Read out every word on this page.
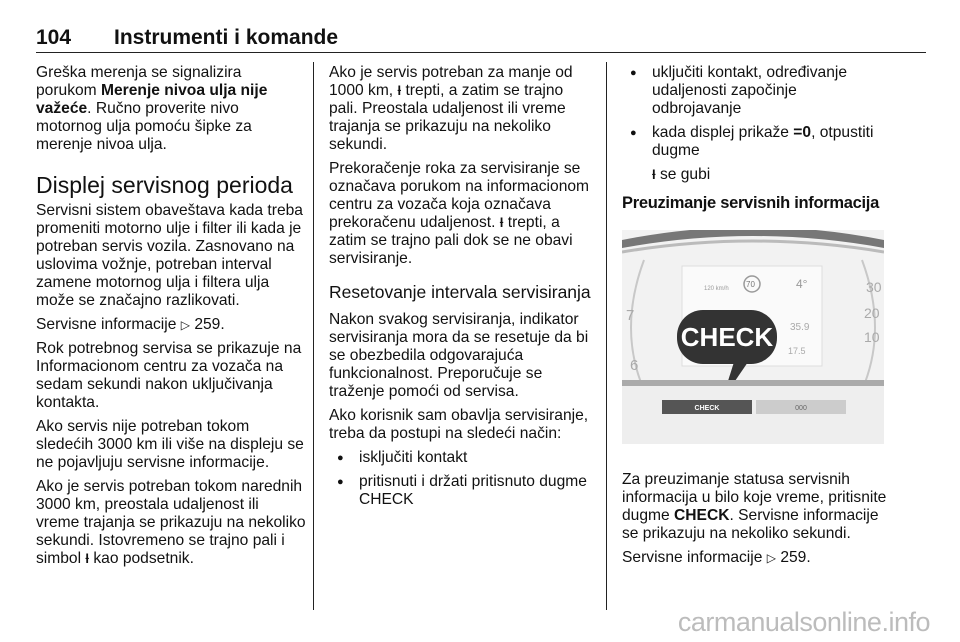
104 Instrumenti i komande

Greška merenja se signalizira porukom Merenje nivoa ulja nije važeće. Ručno proverite nivo motornog ulja pomoću šipke za merenje nivoa ulja.

Displej servisnog perioda

Servisni sistem obaveštava kada treba promeniti motorno ulje i filter ili kada je potreban servis vozila. Zasnovano na uslovima vožnje, potreban interval zamene motornog ulja i filtera ulja može se značajno razlikovati.

Servisne informacije ▷ 259.

Rok potrebnog servisa se prikazuje na Informacionom centru za vozača na sedam sekundi nakon uključivanja kontakta.

Ako servis nije potreban tokom sledećih 3000 km ili više na displeju se ne pojavljuju servisne informacije.

Ako je servis potreban tokom narednih 3000 km, preostala udaljenost ili vreme trajanja se prikazuju na nekoliko sekundi. Istovremeno se trajno pali i simbol ƚ kao podsetnik.

Ako je servis potreban za manje od 1000 km, ƚ trepti, a zatim se trajno pali. Preostala udaljenost ili vreme trajanja se prikazuju na nekoliko sekundi.

Prekoračenje roka za servisiranje se označava porukom na informacionom centru za vozača koja označava prekoračenu udaljenost. ƚ trepti, a zatim se trajno pali dok se ne obavi servisiranje.

Resetovanje intervala servisiranja

Nakon svakog servisiranja, indikator servisiranja mora da se resetuje da bi se obezbedila odgovarajuća funkcionalnost. Preporučuje se traženje pomoći od servisa.

Ako korisnik sam obavlja servisiranje, treba da postupi na sledeći način:

● isključiti kontakt
● pritisnuti i držati pritisnuto dugme CHECK
● uključiti kontakt, određivanje udaljenosti započinje odbrojavanje
● kada displej prikaže =0, otpustiti dugme

ƚ se gubi

Preuzimanje servisnih informacija
7
6
30
20
10
120 km/h 70	4°
35.9
17.5
CHECK
CHECK	000

Za preuzimanje statusa servisnih informacija u bilo koje vreme, pritisnite dugme CHECK. Servisne informacije se prikazuju na nekoliko sekundi.

Servisne informacije ▷ 259.

carmanualsonline.info
